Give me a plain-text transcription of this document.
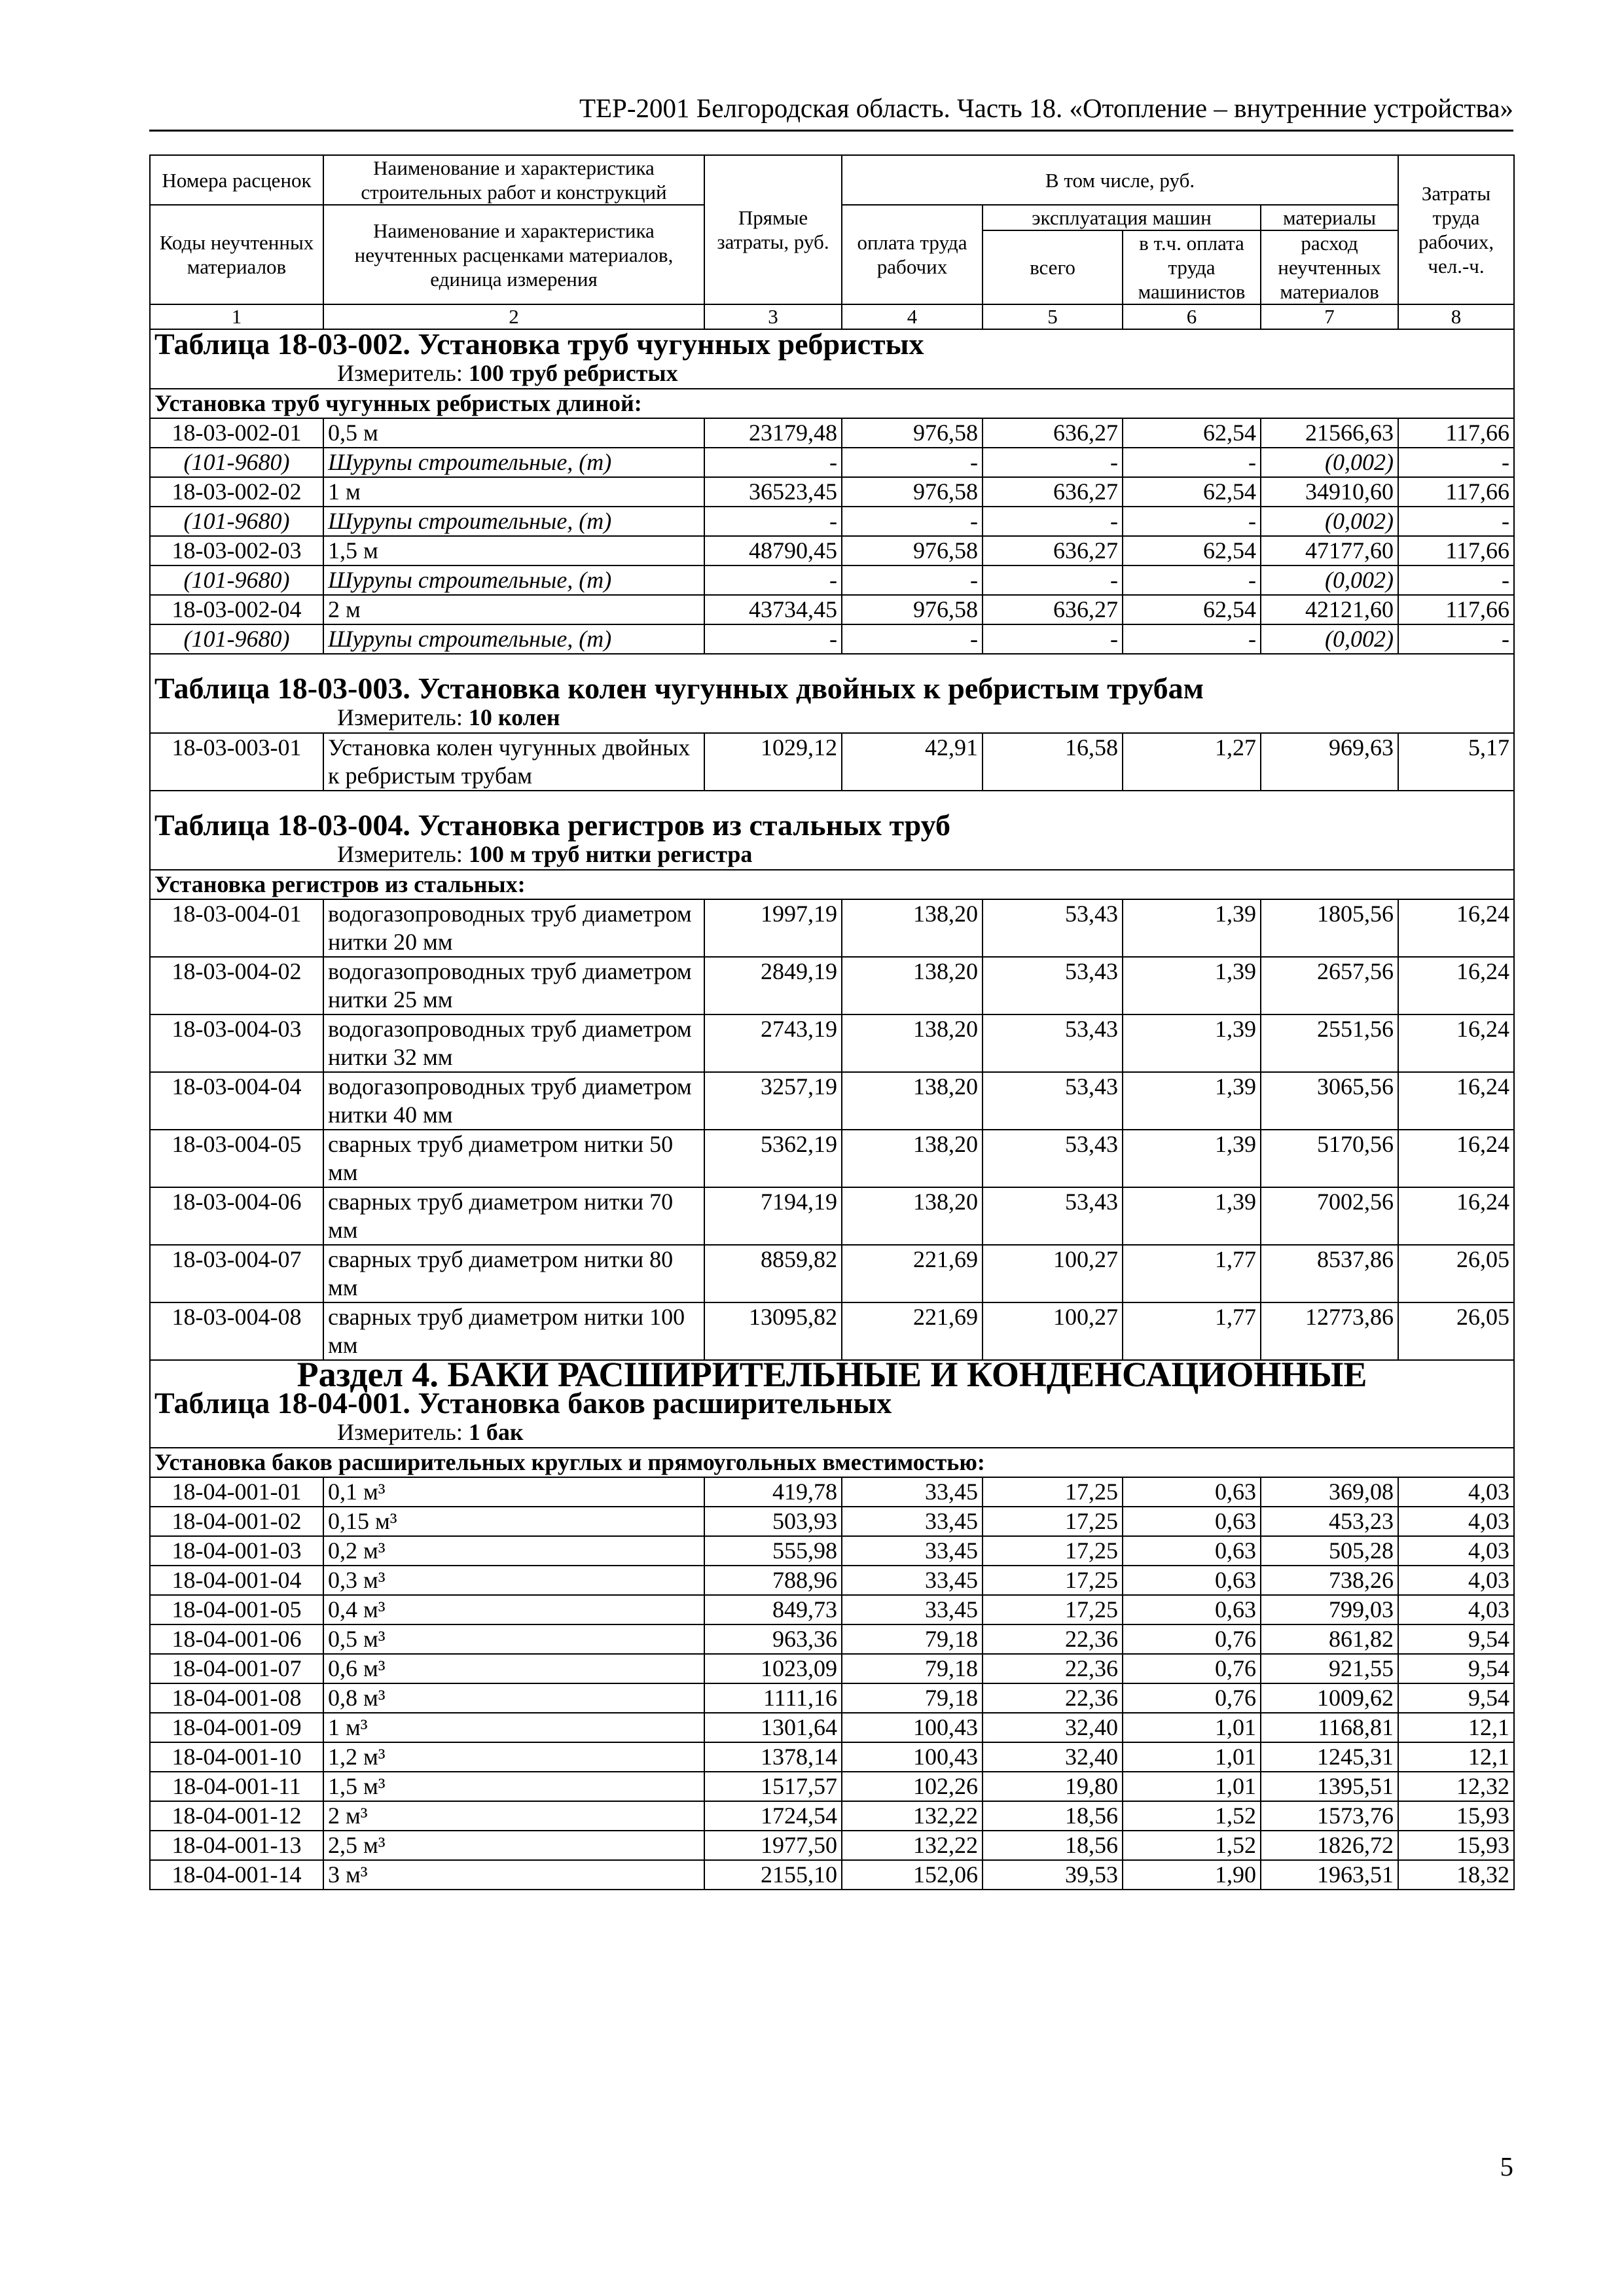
ТЕР-2001 Белгородская область. Часть 18. «Отопление – внутренние устройства»
Номера расценок	Наименование и характеристика строительных работ и конструкций	Прямые затраты, руб.	В том числе, руб.				Затраты труда рабочих, чел.-ч.
Коды неучтенных материалов	Наименование и характеристика неучтенных расценками материалов, единица измерения		оплата труда рабочих	эксплуатация машин		материалы	
				всего	в т.ч. оплата труда машинистов	расход неучтенных материалов	
1	2	3	4	5	6	7	8
Таблица 18-03-002. Установка труб чугунных ребристых							
Измеритель: 100 труб ребристых							
Установка труб чугунных ребристых длиной:							
18-03-002-01	0,5 м	23179,48	976,58	636,27	62,54	21566,63	117,66
(101-9680)	Шурупы строительные, (т)	-	-	-	-	(0,002)	-
18-03-002-02	1 м	36523,45	976,58	636,27	62,54	34910,60	117,66
(101-9680)	Шурупы строительные, (т)	-	-	-	-	(0,002)	-
18-03-002-03	1,5 м	48790,45	976,58	636,27	62,54	47177,60	117,66
(101-9680)	Шурупы строительные, (т)	-	-	-	-	(0,002)	-
18-03-002-04	2 м	43734,45	976,58	636,27	62,54	42121,60	117,66
(101-9680)	Шурупы строительные, (т)	-	-	-	-	(0,002)	-

Таблица 18-03-003. Установка колен чугунных двойных к ребристым трубам							
Измеритель: 10 колен							
18-03-003-01	Установка колен чугунных двойных к ребристым трубам	1029,12	42,91	16,58	1,27	969,63	5,17

Таблица 18-03-004. Установка регистров из стальных труб							
Измеритель: 100 м труб нитки регистра							
Установка регистров из стальных:							
18-03-004-01	водогазопроводных труб диаметром нитки 20 мм	1997,19	138,20	53,43	1,39	1805,56	16,24
18-03-004-02	водогазопроводных труб диаметром нитки 25 мм	2849,19	138,20	53,43	1,39	2657,56	16,24
18-03-004-03	водогазопроводных труб диаметром нитки 32 мм	2743,19	138,20	53,43	1,39	2551,56	16,24
18-03-004-04	водогазопроводных труб диаметром нитки 40 мм	3257,19	138,20	53,43	1,39	3065,56	16,24
18-03-004-05	сварных труб диаметром нитки 50 мм	5362,19	138,20	53,43	1,39	5170,56	16,24
18-03-004-06	сварных труб диаметром нитки 70 мм	7194,19	138,20	53,43	1,39	7002,56	16,24
18-03-004-07	сварных труб диаметром нитки 80 мм	8859,82	221,69	100,27	1,77	8537,86	26,05
18-03-004-08	сварных труб диаметром нитки 100 мм	13095,82	221,69	100,27	1,77	12773,86	26,05
Раздел 4. БАКИ РАСШИРИТЕЛЬНЫЕ И КОНДЕНСАЦИОННЫЕ							
Таблица 18-04-001. Установка баков расширительных							
Измеритель: 1 бак							
Установка баков расширительных круглых и прямоугольных вместимостью:							
18-04-001-01	0,1 м³	419,78	33,45	17,25	0,63	369,08	4,03
18-04-001-02	0,15 м³	503,93	33,45	17,25	0,63	453,23	4,03
18-04-001-03	0,2 м³	555,98	33,45	17,25	0,63	505,28	4,03
18-04-001-04	0,3 м³	788,96	33,45	17,25	0,63	738,26	4,03
18-04-001-05	0,4 м³	849,73	33,45	17,25	0,63	799,03	4,03
18-04-001-06	0,5 м³	963,36	79,18	22,36	0,76	861,82	9,54
18-04-001-07	0,6 м³	1023,09	79,18	22,36	0,76	921,55	9,54
18-04-001-08	0,8 м³	1111,16	79,18	22,36	0,76	1009,62	9,54
18-04-001-09	1 м³	1301,64	100,43	32,40	1,01	1168,81	12,1
18-04-001-10	1,2 м³	1378,14	100,43	32,40	1,01	1245,31	12,1
18-04-001-11	1,5 м³	1517,57	102,26	19,80	1,01	1395,51	12,32
18-04-001-12	2 м³	1724,54	132,22	18,56	1,52	1573,76	15,93
18-04-001-13	2,5 м³	1977,50	132,22	18,56	1,52	1826,72	15,93
18-04-001-14	3 м³	2155,10	152,06	39,53	1,90	1963,51	18,32
5
